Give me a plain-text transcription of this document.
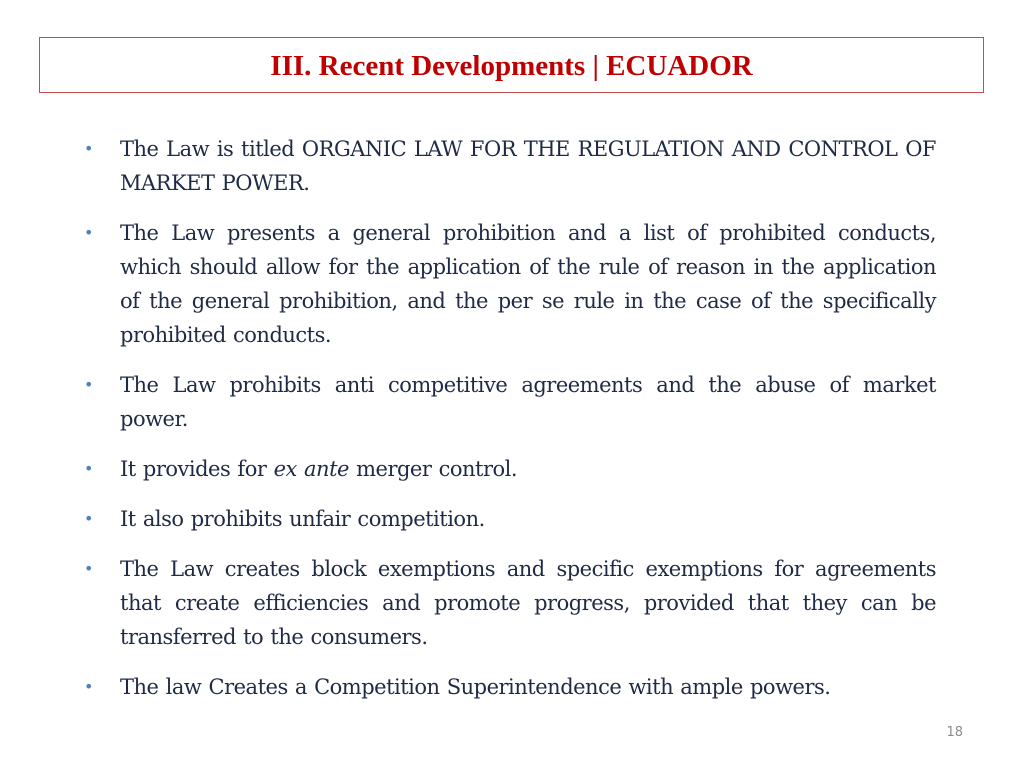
III. Recent Developments | ECUADOR
• The Law is titled ORGANIC LAW FOR THE REGULATION AND CONTROL OF MARKET POWER.
• The Law presents a general prohibition and a list of prohibited conducts, which should allow for the application of the rule of reason in the application of the general prohibition, and the per se rule in the case of the specifically prohibited conducts.
• The Law prohibits anti competitive agreements and the abuse of market power.
• It provides for ex ante merger control.
• It also prohibits unfair competition.
• The Law creates block exemptions and specific exemptions for agreements that create efficiencies and promote progress, provided that they can be transferred to the consumers.
• The law Creates a Competition Superintendence with ample powers.
18
